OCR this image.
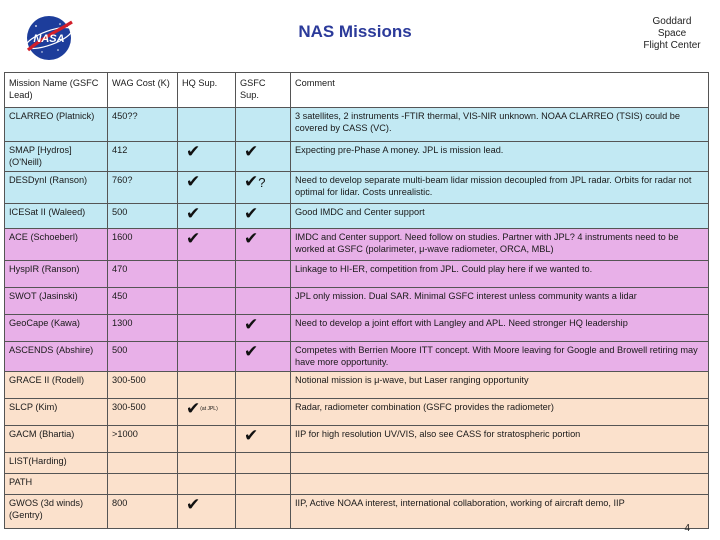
NASA	NAS Missions
Goddard
Space
Flight Center
Mission Name (GSFC Lead)	WAG Cost (K)	HQ Sup.	GSFC Sup.	Comment
CLARREO (Platnick)	450??			3 satellites, 2 instruments -FTIR thermal, VIS-NIR unknown. NOAA CLARREO (TSIS) could be covered by CASS (VC).
SMAP [Hydros] (O'Neill)	412	✔	✔	Expecting pre-Phase A money. JPL is mission lead.
DESDynI (Ranson)	760?	✔	✔?	Need to develop separate multi-beam lidar mission decoupled from JPL radar. Orbits for radar not optimal for lidar. Costs unrealistic.
ICESat II (Waleed)	500	✔	✔	Good IMDC and Center support
ACE (Schoeberl)	1600	✔	✔	IMDC and Center support. Need follow on studies. Partner with JPL? 4 instruments need to be worked at GSFC (polarimeter, μ-wave radiometer, ORCA, MBL)
HyspIR (Ranson)	470			Linkage to HI-ER, competition from JPL. Could play here if we wanted to.
SWOT (Jasinski)	450			JPL only mission. Dual SAR. Minimal GSFC interest unless community wants a lidar
GeoCape (Kawa)	1300		✔	Need to develop a joint effort with Langley and APL. Need stronger HQ leadership
ASCENDS (Abshire)	500		✔	Competes with Berrien Moore ITT concept. With Moore leaving for Google and Browell retiring may have more opportunity.
GRACE II (Rodell)	300-500			Notional mission is μ-wave, but Laser ranging opportunity
SLCP (Kim)	300-500	✔(at JPL)		Radar, radiometer combination (GSFC provides the radiometer)
GACM (Bhartia)	>1000		✔	IIP for high resolution UV/VIS, also see CASS for stratospheric portion
LIST(Harding)				
PATH				
GWOS (3d winds) (Gentry)	800	✔		IIP, Active NOAA interest, international collaboration, working of aircraft demo, IIP
4
